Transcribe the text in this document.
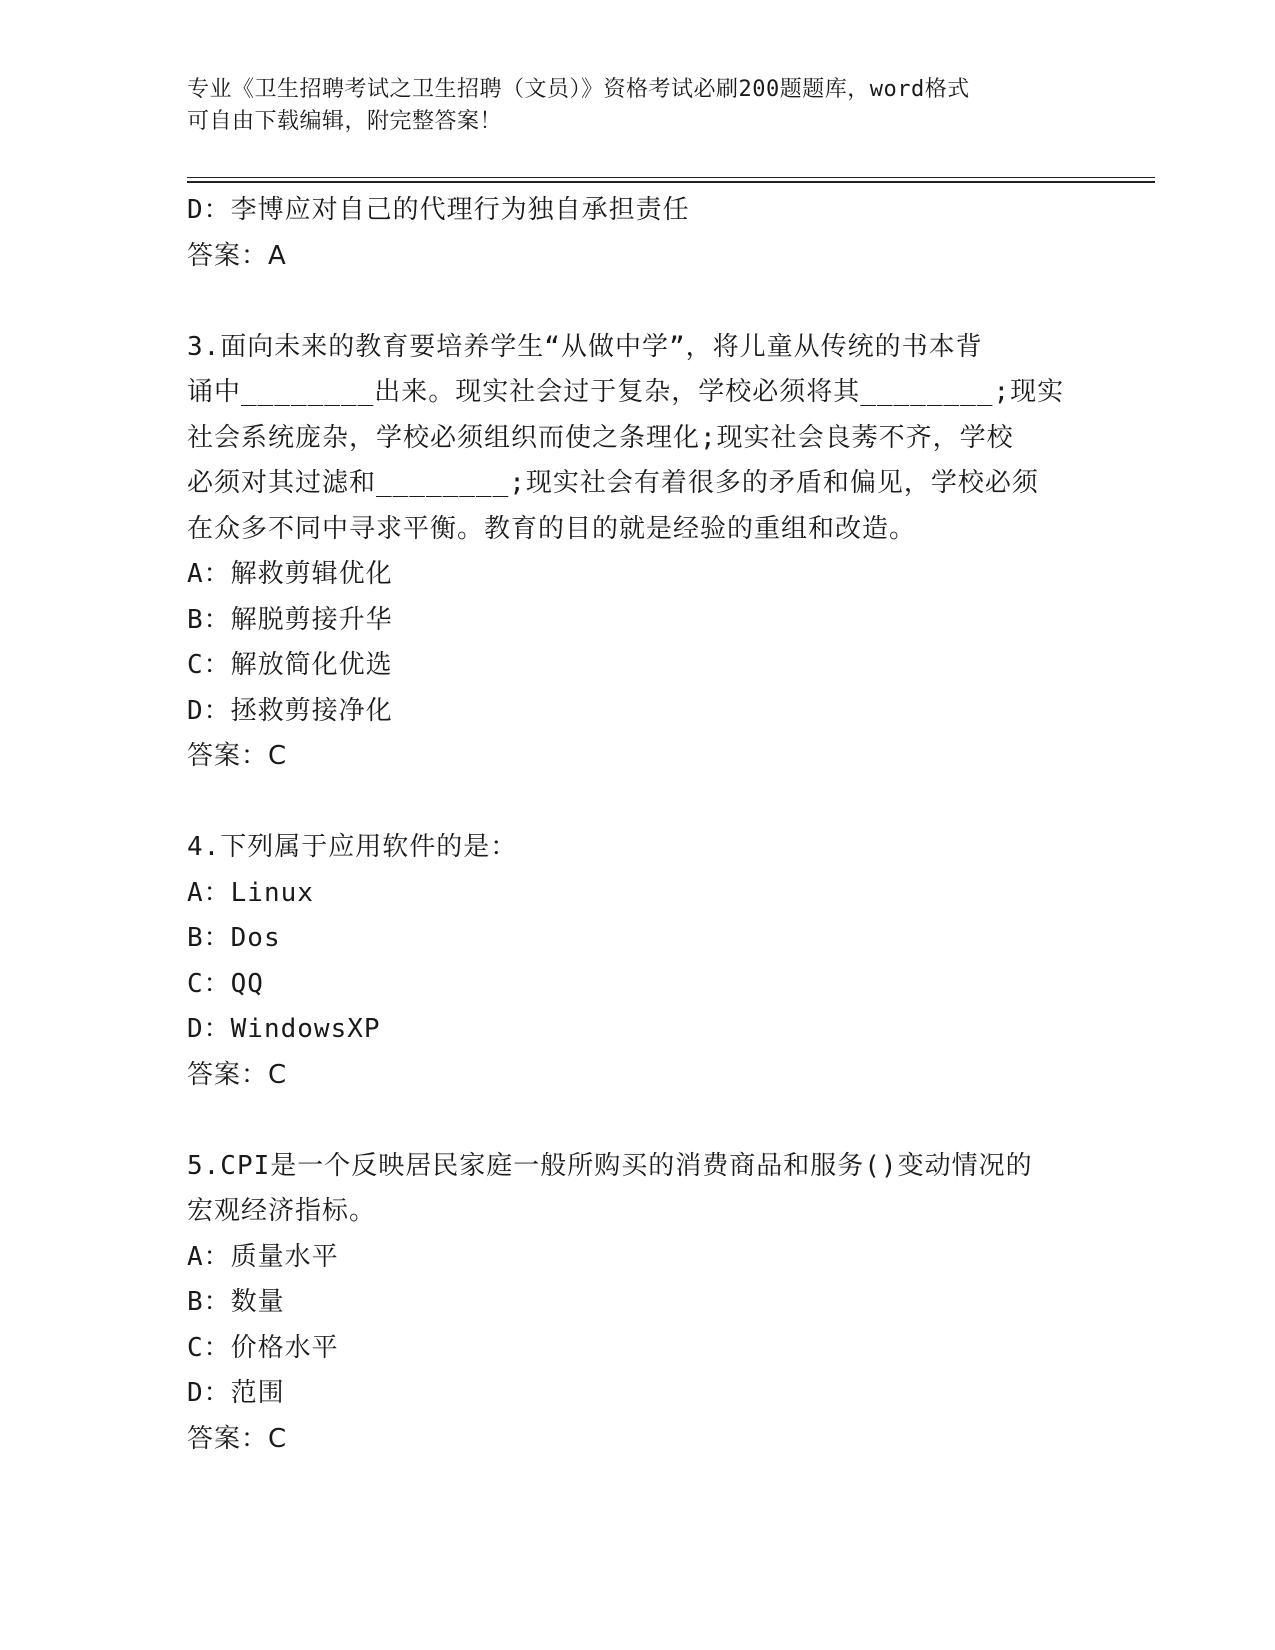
专业《卫生招聘考试之卫生招聘（文员）》资格考试必刷200题题库，word格式
可自由下载编辑，附完整答案！
D：李博应对自己的代理行为独自承担责任
答案：A
3.面向未来的教育要培养学生“从做中学”，将儿童从传统的书本背
诵中________出来。现实社会过于复杂，学校必须将其________;现实
社会系统庞杂，学校必须组织而使之条理化;现实社会良莠不齐，学校
必须对其过滤和________;现实社会有着很多的矛盾和偏见，学校必须
在众多不同中寻求平衡。教育的目的就是经验的重组和改造。
A：解救剪辑优化
B：解脱剪接升华
C：解放简化优选
D：拯救剪接净化
答案：C
4.下列属于应用软件的是：
A：Linux
B：Dos
C：QQ
D：WindowsXP
答案：C
5.CPI是一个反映居民家庭一般所购买的消费商品和服务()变动情况的
宏观经济指标。
A：质量水平
B：数量
C：价格水平
D：范围
答案：C
